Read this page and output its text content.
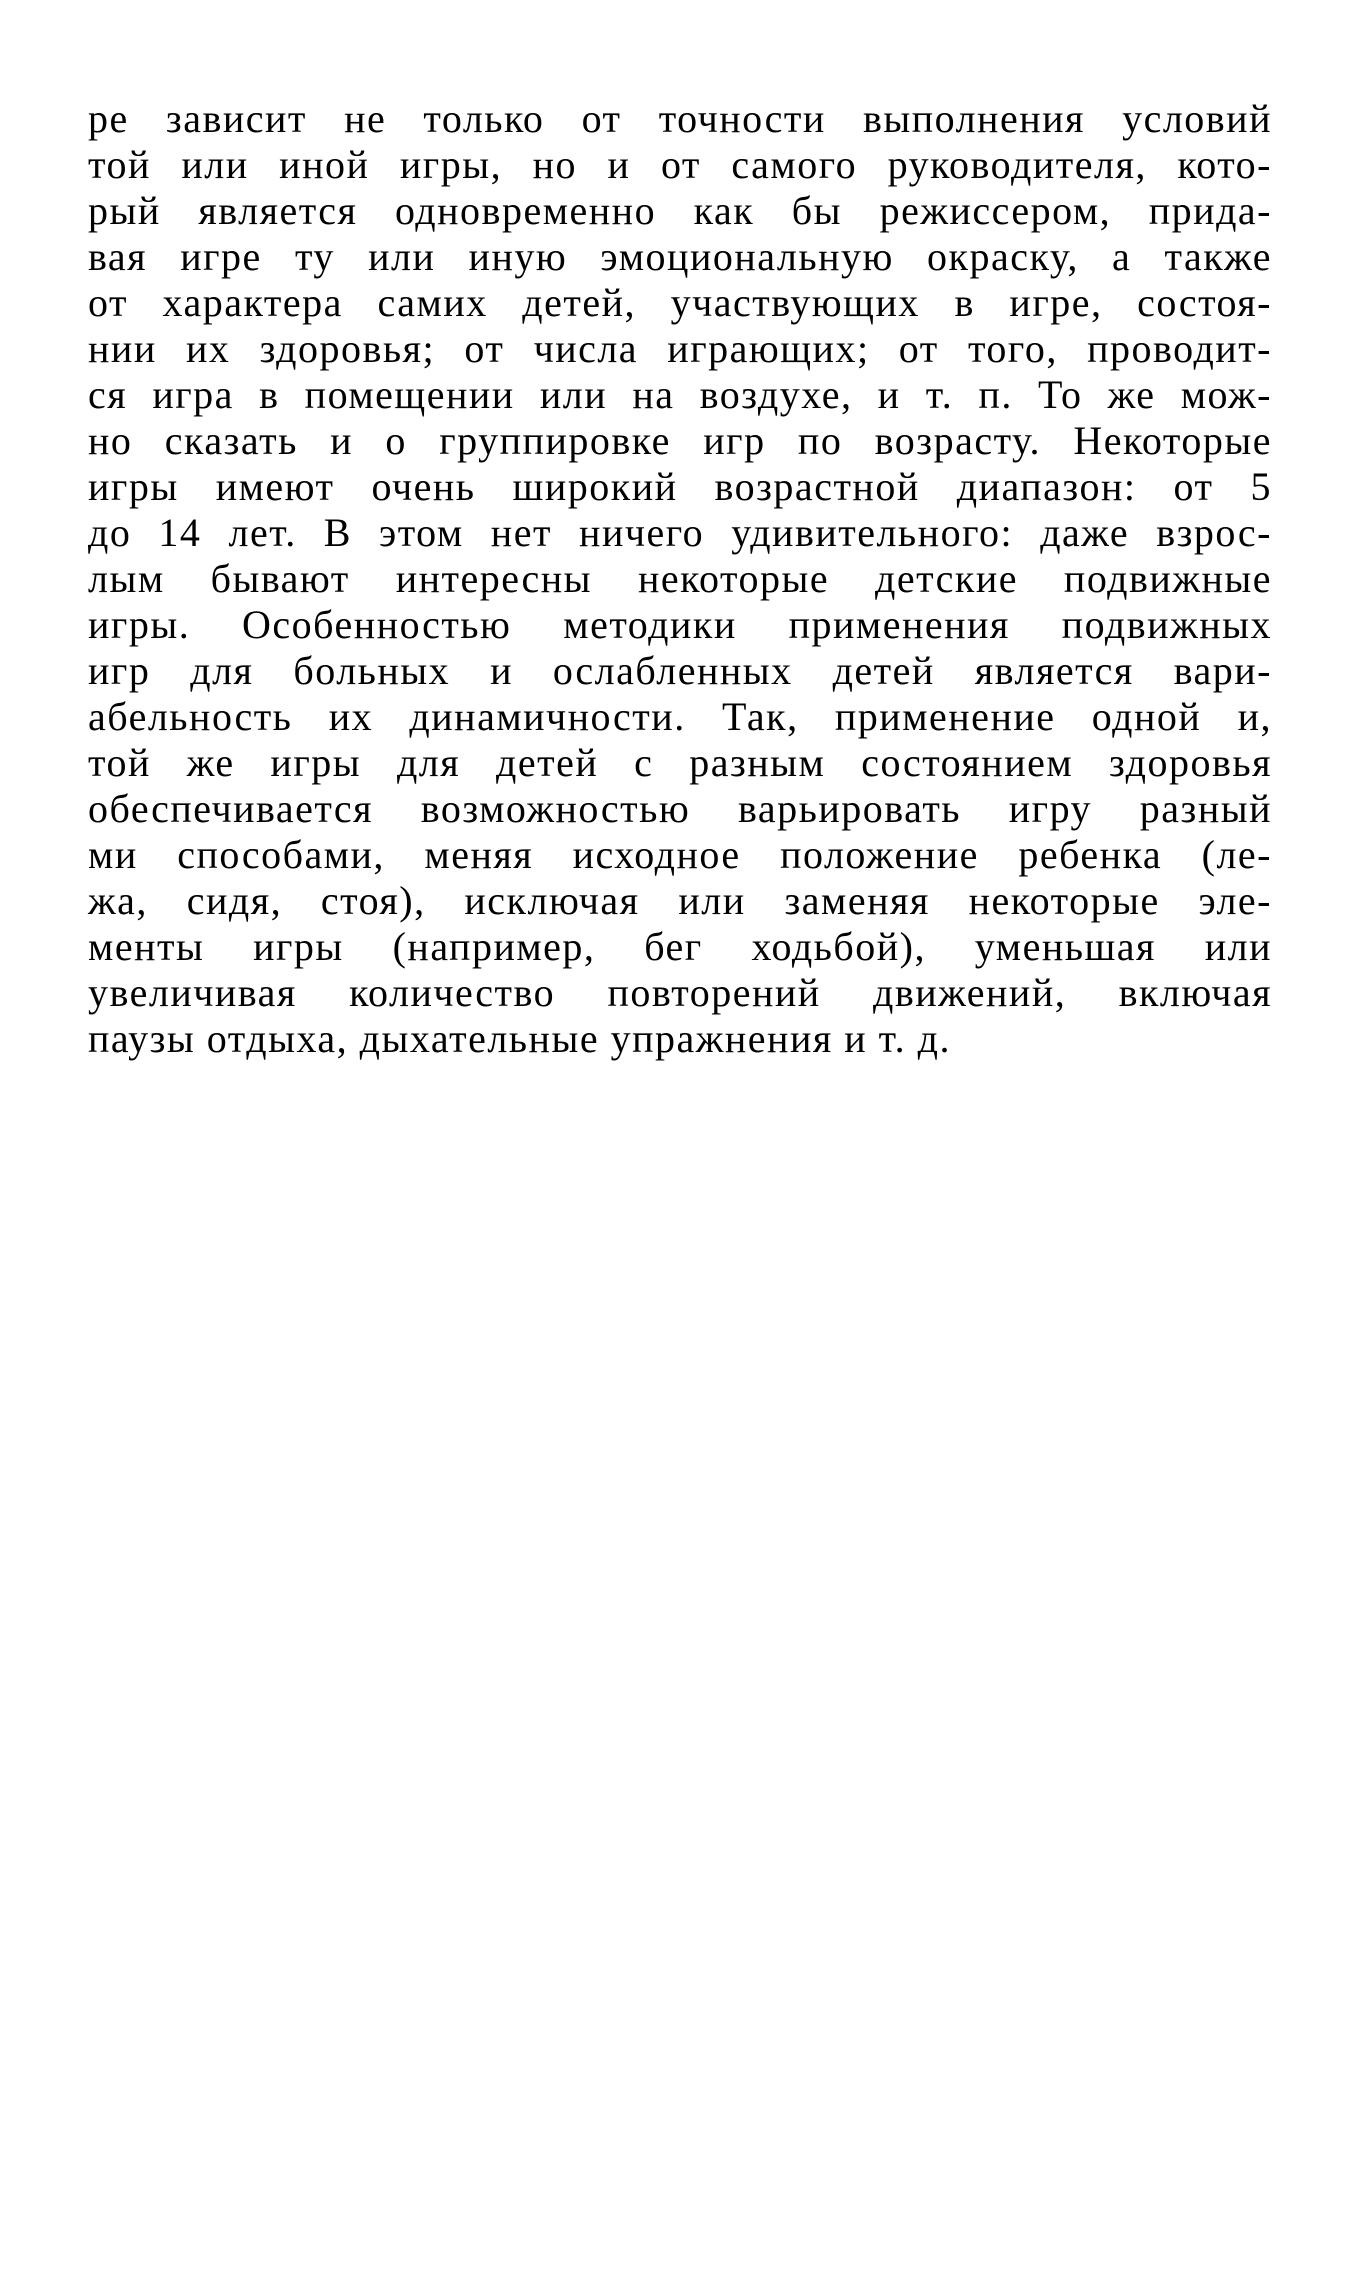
ре зависит не только от точности выполнения условий
той или иной игры, но и от самого руководителя, кото-
рый является одновременно как бы режиссером, прида-
вая игре ту или иную эмоциональную окраску, а также
от характера самих детей, участвующих в игре, состоя-
нии их здоровья; от числа играющих; от того, проводит-
ся игра в помещении или на воздухе, и т. п. То же мож-
но сказать и о группировке игр по возрасту. Некоторые
игры имеют очень широкий возрастной диапазон: от 5
до 14 лет. В этом нет ничего удивительного: даже взрос-
лым бывают интересны некоторые детские подвижные
игры. Особенностью методики применения подвижных
игр для больных и ослабленных детей является вари-
абельность их динамичности. Так, применение одной и,
той же игры для детей с разным состоянием здоровья
обеспечивается возможностью варьировать игру разный
ми способами, меняя исходное положение ребенка (ле-
жа, сидя, стоя), исключая или заменяя некоторые эле-
менты игры (например, бег ходьбой), уменьшая или
увеличивая количество повторений движений, включая
паузы отдыха, дыхательные упражнения и т. д.
